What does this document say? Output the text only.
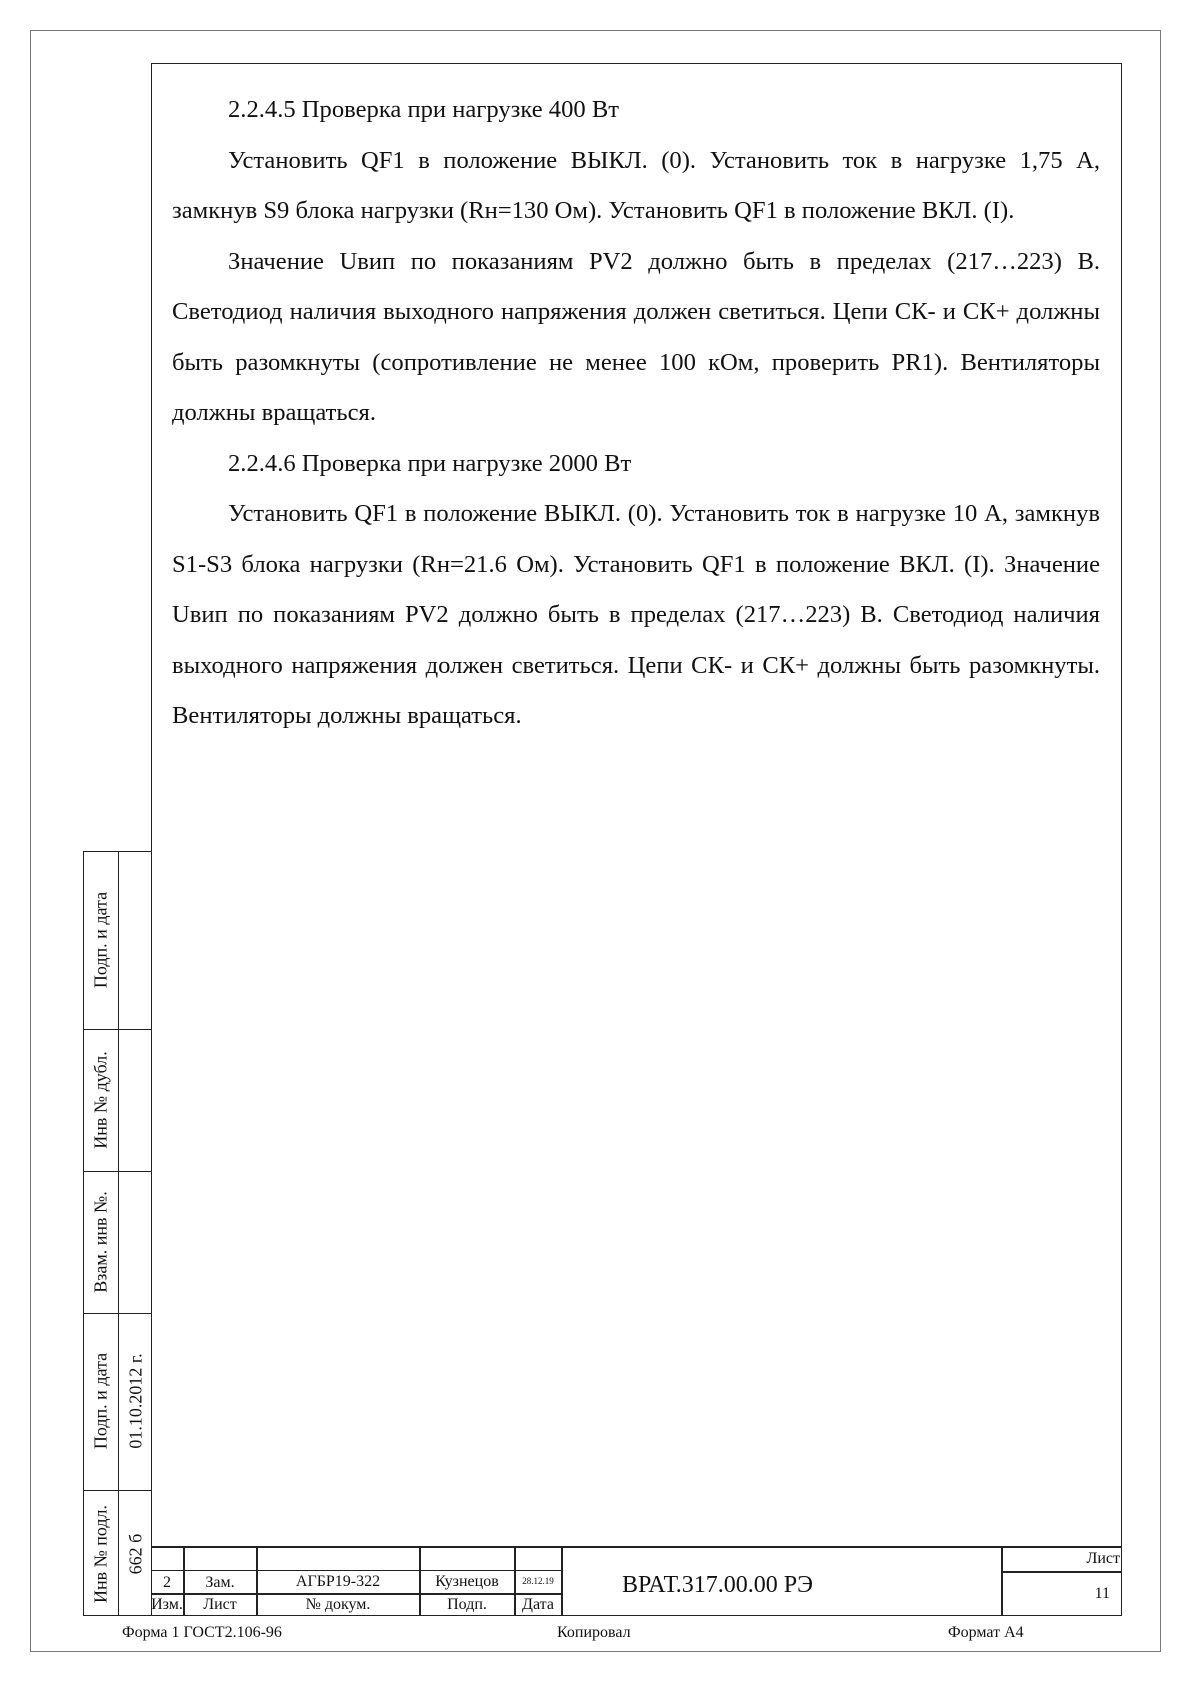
2.2.4.5 Проверка при нагрузке 400 Вт

Установить QF1 в положение ВЫКЛ. (0). Установить ток в нагрузке 1,75 А, замкнув S9 блока нагрузки (Rн=130 Ом). Установить QF1 в положение ВКЛ. (I).

Значение Uвип по показаниям PV2 должно быть в пределах (217…223) В. Светодиод наличия выходного напряжения должен светиться. Цепи СК- и СК+ должны быть разомкнуты (сопротивление не менее 100 кОм, проверить PR1). Вентиляторы должны вращаться.

2.2.4.6 Проверка при нагрузке 2000 Вт

Установить QF1 в положение ВЫКЛ. (0). Установить ток в нагрузке 10 А, замкнув S1-S3 блока нагрузки (Rн=21.6 Ом). Установить QF1 в положение ВКЛ. (I). Значение Uвип по показаниям PV2 должно быть в пределах (217…223) В. Светодиод наличия выходного напряжения должен светиться. Цепи СК- и СК+ должны быть разомкнуты. Вентиляторы должны вращаться.

Подп. и дата
Инв № дубл.
Взам. инв №.
Подп. и дата 01.10.2012 г.
Инв № подл. 662 б
2	Зам.	АГБР19-322	Кузнецов	28.12.19
Изм.	Лист	№ докум.	Подп.	Дата
ВРАТ.317.00.00 РЭ
Лист
11
Форма 1 ГОСТ2.106-96	Копировал	Формат А4
